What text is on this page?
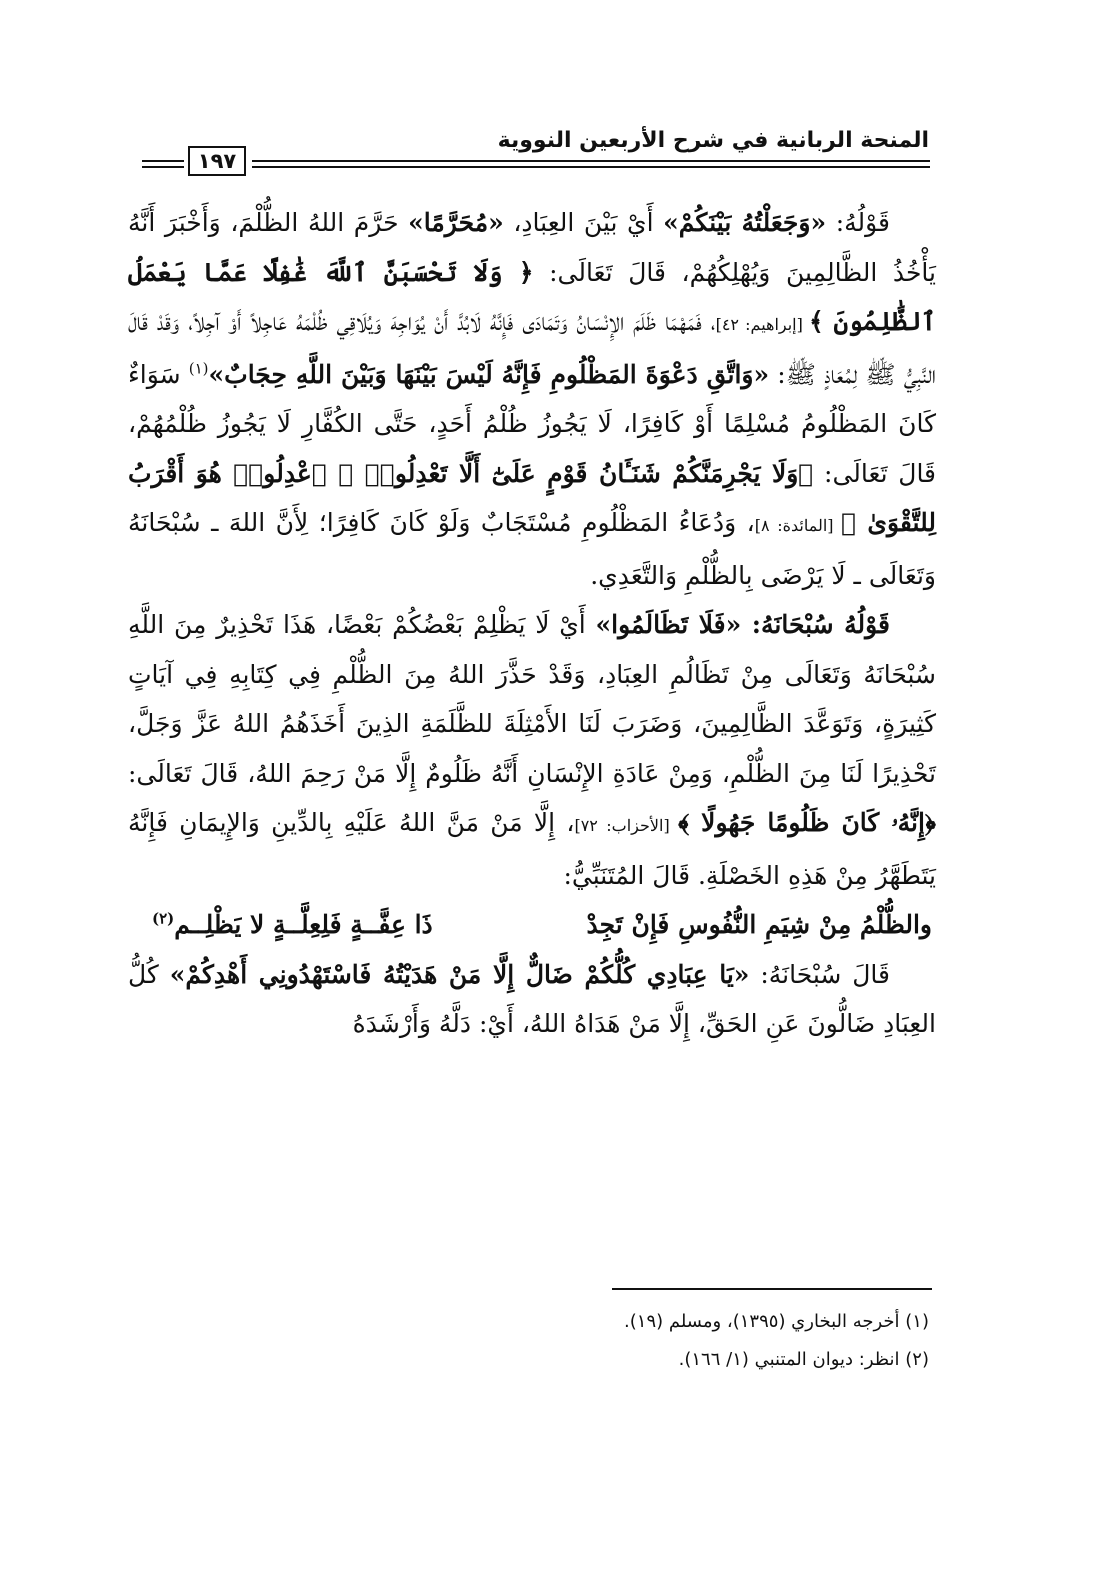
المنحة الربانية في شرح الأربعين النووية
١٩٧

قَوْلُهُ: «وَجَعَلْتُهُ بَيْنَكُمْ» أَيْ بَيْنَ العِبَادِ، «مُحَرَّمًا» حَرَّمَ اللهُ الظُّلْمَ، وَأَخْبَرَ أَنَّهُ يَأْخُذُ الظَّالِمِينَ وَيُهْلِكُهُمْ، قَالَ تَعَالَى: ﴿ وَلَا تَحْسَبَنَّ ٱللَّهَ غَٰفِلًا عَمَّا يَعْمَلُ ٱلظَّٰلِمُونَ ﴾ [إبراهيم: ٤٢]، فَمَهْمَا ظَلَمَ الإِنْسَانُ وَتَمَادَى فَإِنَّهُ لَابُدَّ أَنْ يُوَاجِهَ وَيُلَاقِي ظُلْمَهُ عَاجِلاً أَوْ آجِلاً، وَقَدْ قَالَ النَّبِيُّ ﷺ لِمُعَاذٍ ﷺ: «وَاتَّقِ دَعْوَةَ المَظْلُومِ فَإِنَّهُ لَيْسَ بَيْنَهَا وَبَيْنَ اللَّهِ حِجَابٌ»$^{(١)}$ سَوَاءٌ كَانَ المَظْلُومُ مُسْلِمًا أَوْ كَافِرًا، لَا يَجُوزُ ظُلْمُ أَحَدٍ، حَتَّى الكُفَّارِ لَا يَجُوزُ ظُلْمُهُمْ، قَالَ تَعَالَى: ﴿وَلَا يَجْرِمَنَّكُمْ شَنَـَٔانُ قَوْمٍ عَلَىٰٓ أَلَّا تَعْدِلُوا۟ ۚ ٱعْدِلُوا۟ هُوَ أَقْرَبُ لِلتَّقْوَىٰ ﴾ [المائدة: ٨]، وَدُعَاءُ المَظْلُومِ مُسْتَجَابٌ وَلَوْ كَانَ كَافِرًا؛ لِأَنَّ اللهَ ـ سُبْحَانَهُ وَتَعَالَى ـ لَا يَرْضَى بِالظُّلْمِ وَالتَّعَدِي.

قَوْلُهُ سُبْحَانَهُ: «فَلَا تَظَالَمُوا» أَيْ لَا يَظْلِمْ بَعْضُكُمْ بَعْضًا، هَذَا تَحْذِيرٌ مِنَ اللَّهِ سُبْحَانَهُ وَتَعَالَى مِنْ تَظَالُمِ العِبَادِ، وَقَدْ حَذَّرَ اللهُ مِنَ الظُّلْمِ فِي كِتَابِهِ فِي آيَاتٍ كَثِيرَةٍ، وَتَوَعَّدَ الظَّالِمِينَ، وَضَرَبَ لَنَا الأَمْثِلَةَ للظَّلَمَةِ الذِينَ أَخَذَهُمُ اللهُ عَزَّ وَجَلَّ، تَحْذِيرًا لَنَا مِنَ الظُّلْمِ، وَمِنْ عَادَةِ الإِنْسَانِ أَنَّهُ ظَلُومٌ إِلَّا مَنْ رَحِمَ اللهُ، قَالَ تَعَالَى: ﴿إِنَّهُۥ كَانَ ظَلُومًا جَهُولًا ﴾ [الأحزاب: ٧٢]، إِلَّا مَنْ مَنَّ اللهُ عَلَيْهِ بِالدِّينِ وَالإِيمَانِ فَإِنَّهُ يَتَطَهَّرُ مِنْ هَذِهِ الخَصْلَةِ. قَالَ المُتَنَبِّيُّ:

والظُّلْمُ مِنْ شِيَمِ النُّفُوسِ فَإِنْ تَجِدْ
ذَا عِفَّــةٍ فَلِعِلَّــةٍ لا يَظْلِــم$^{(٢)}$

قَالَ سُبْحَانَهُ: «يَا عِبَادِي كُلُّكُمْ ضَالٌّ إِلَّا مَنْ هَدَيْتُهُ فَاسْتَهْدُونِي أَهْدِكُمْ» كُلُّ العِبَادِ ضَالُّونَ عَنِ الحَقِّ، إِلَّا مَنْ هَدَاهُ اللهُ، أَيْ: دَلَّهُ وَأَرْشَدَهُ

(١) أخرجه البخاري (١٣٩٥)، ومسلم (١٩).
(٢) انظر: ديوان المتنبي (١/ ١٦٦).
